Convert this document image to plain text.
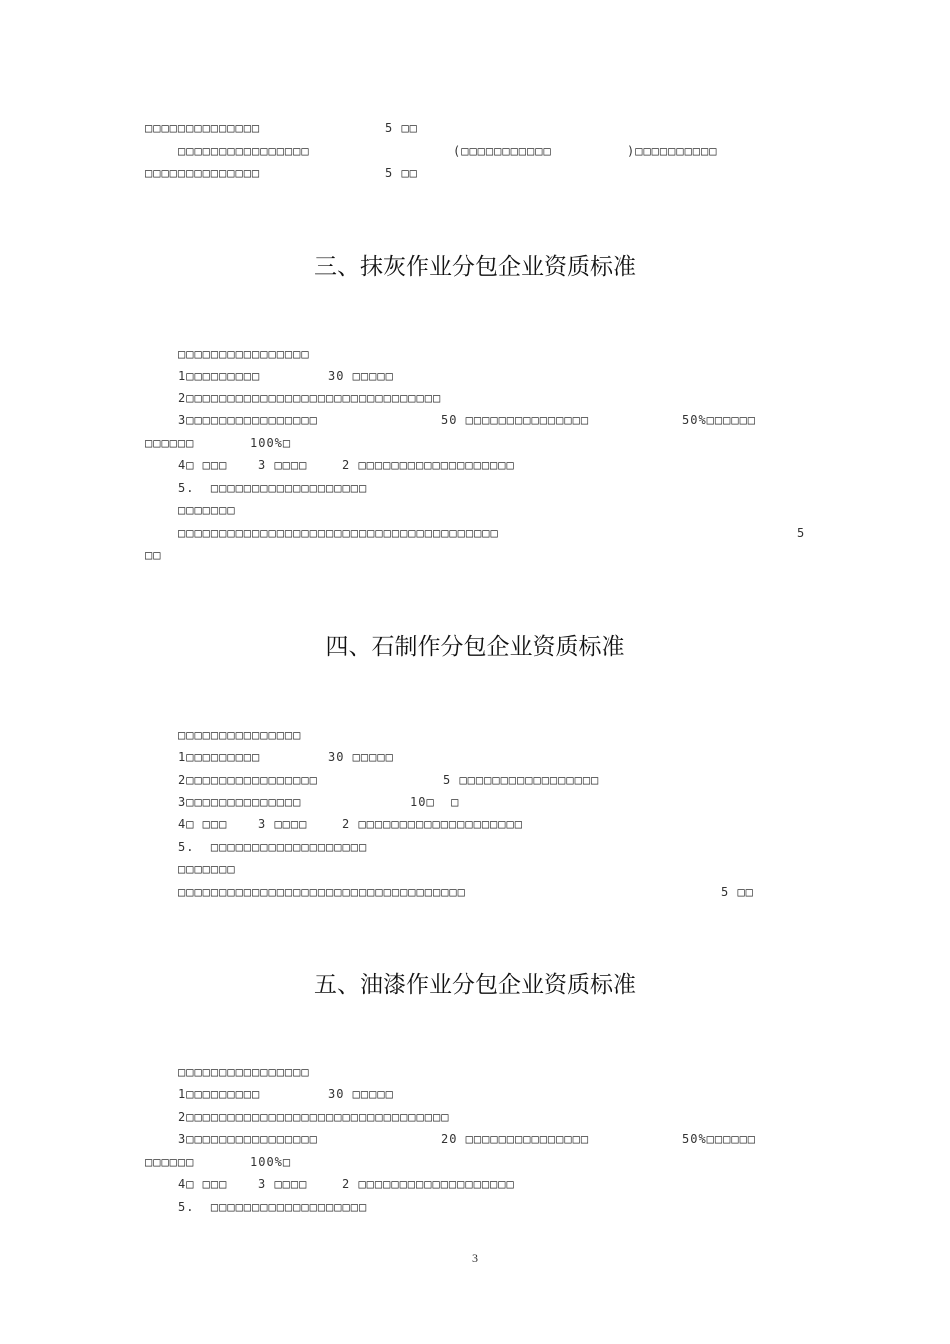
□□□□□□□□□□□□□□

	5 □□

□□□□□□□□□□□□□□□□

	(□□□□□□□□□□□

	)□□□□□□□□□□

□□□□□□□□□□□□□□

	5 □□

三、抹灰作业分包企业资质标准

□□□□□□□□□□□□□□□□

1□□□□□□□□□

	30 □□□□□

2□□□□□□□□□□□□□□□□□□□□□□□□□□□□□□□

3□□□□□□□□□□□□□□□□

	50 □□□□□□□□□□□□□□□

	50%□□□□□□

□□□□□□

	100%□

4□ □□□

	3 □□□□

	2 □□□□□□□□□□□□□□□□□□□

5.  □□□□□□□□□□□□□□□□□□□

□□□□□□□

□□□□□□□□□□□□□□□□□□□□□□□□□□□□□□□□□□□□□□□

	5

□□

四、石制作分包企业资质标准

□□□□□□□□□□□□□□□

1□□□□□□□□□

	30 □□□□□

2□□□□□□□□□□□□□□□□

	5 □□□□□□□□□□□□□□□□□

3□□□□□□□□□□□□□□

	10□  □

4□ □□□

	3 □□□□

	2 □□□□□□□□□□□□□□□□□□□□

5.  □□□□□□□□□□□□□□□□□□□

□□□□□□□

□□□□□□□□□□□□□□□□□□□□□□□□□□□□□□□□□□□

	5 □□

五、油漆作业分包企业资质标准

□□□□□□□□□□□□□□□□

1□□□□□□□□□

	30 □□□□□

2□□□□□□□□□□□□□□□□□□□□□□□□□□□□□□□□

3□□□□□□□□□□□□□□□□

	20 □□□□□□□□□□□□□□□

	50%□□□□□□

□□□□□□

	100%□

4□ □□□

	3 □□□□

	2 □□□□□□□□□□□□□□□□□□□

5.  □□□□□□□□□□□□□□□□□□□

3
